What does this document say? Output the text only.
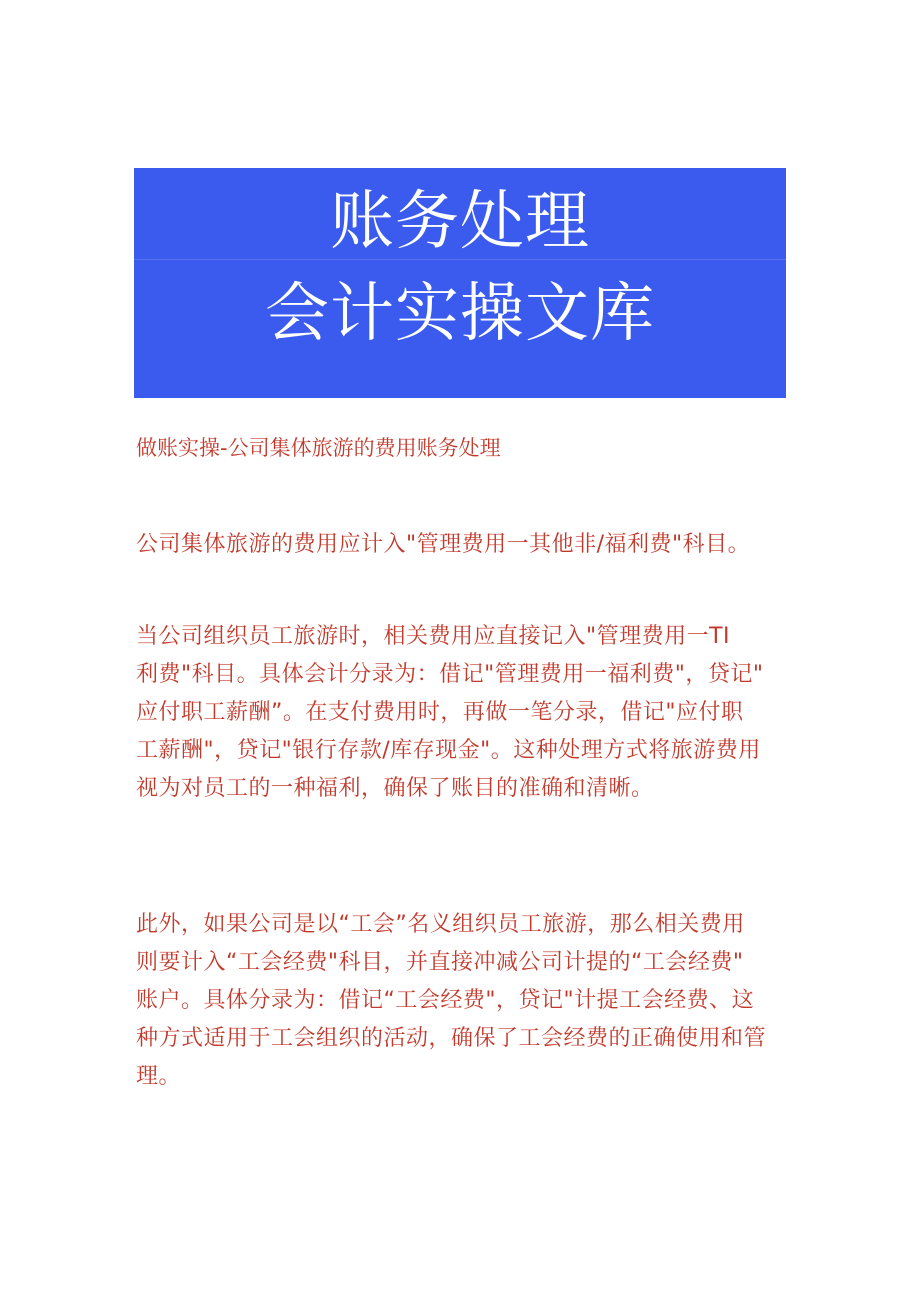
账务处理
会计实操文库
做账实操-公司集体旅游的费用账务处理
公司集体旅游的费用应计入"管理费用一其他非/福利费"科目。
当公司组织员工旅游时，相关费用应直接记入"管理费用一TI
利费"科目。具体会计分录为：借记"管理费用一福利费"，贷记"
应付职工薪酬”。在支付费用时，再做一笔分录，借记"应付职
工薪酬"，贷记"银行存款/库存现金"。这种处理方式将旅游费用
视为对员工的一种福利，确保了账目的准确和清晰。
此外，如果公司是以“工会”名义组织员工旅游，那么相关费用
则要计入“工会经费"科目，并直接冲减公司计提的“工会经费"
账户。具体分录为：借记“工会经费"，贷记"计提工会经费、这
种方式适用于工会组织的活动，确保了工会经费的正确使用和管
理。
